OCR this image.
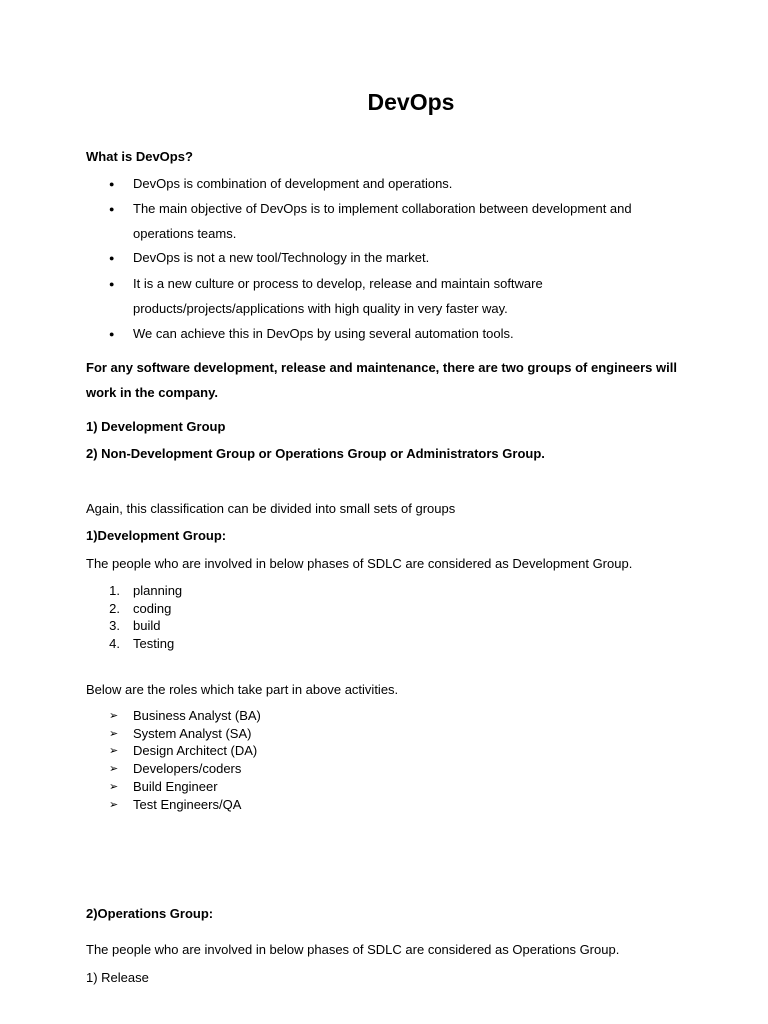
DevOps
What is DevOps?
● DevOps is combination of development and operations.
● The main objective of DevOps is to implement collaboration between development and
operations teams.
● DevOps is not a new tool/Technology in the market.
● It is a new culture or process to develop, release and maintain software
products/projects/applications with high quality in very faster way.
● We can achieve this in DevOps by using several automation tools.
For any software development, release and maintenance, there are two groups of engineers will
work in the company.
1) Development Group
2) Non-Development Group or Operations Group or Administrators Group.
Again, this classification can be divided into small sets of groups
1)Development Group:
The people who are involved in below phases of SDLC are considered as Development Group.
1. planning
2. coding
3. build
4. Testing
Below are the roles which take part in above activities.
➢ Business Analyst (BA)
➢ System Analyst (SA)
➢ Design Architect (DA)
➢ Developers/coders
➢ Build Engineer
➢ Test Engineers/QA
2)Operations Group:
The people who are involved in below phases of SDLC are considered as Operations Group.
1) Release
